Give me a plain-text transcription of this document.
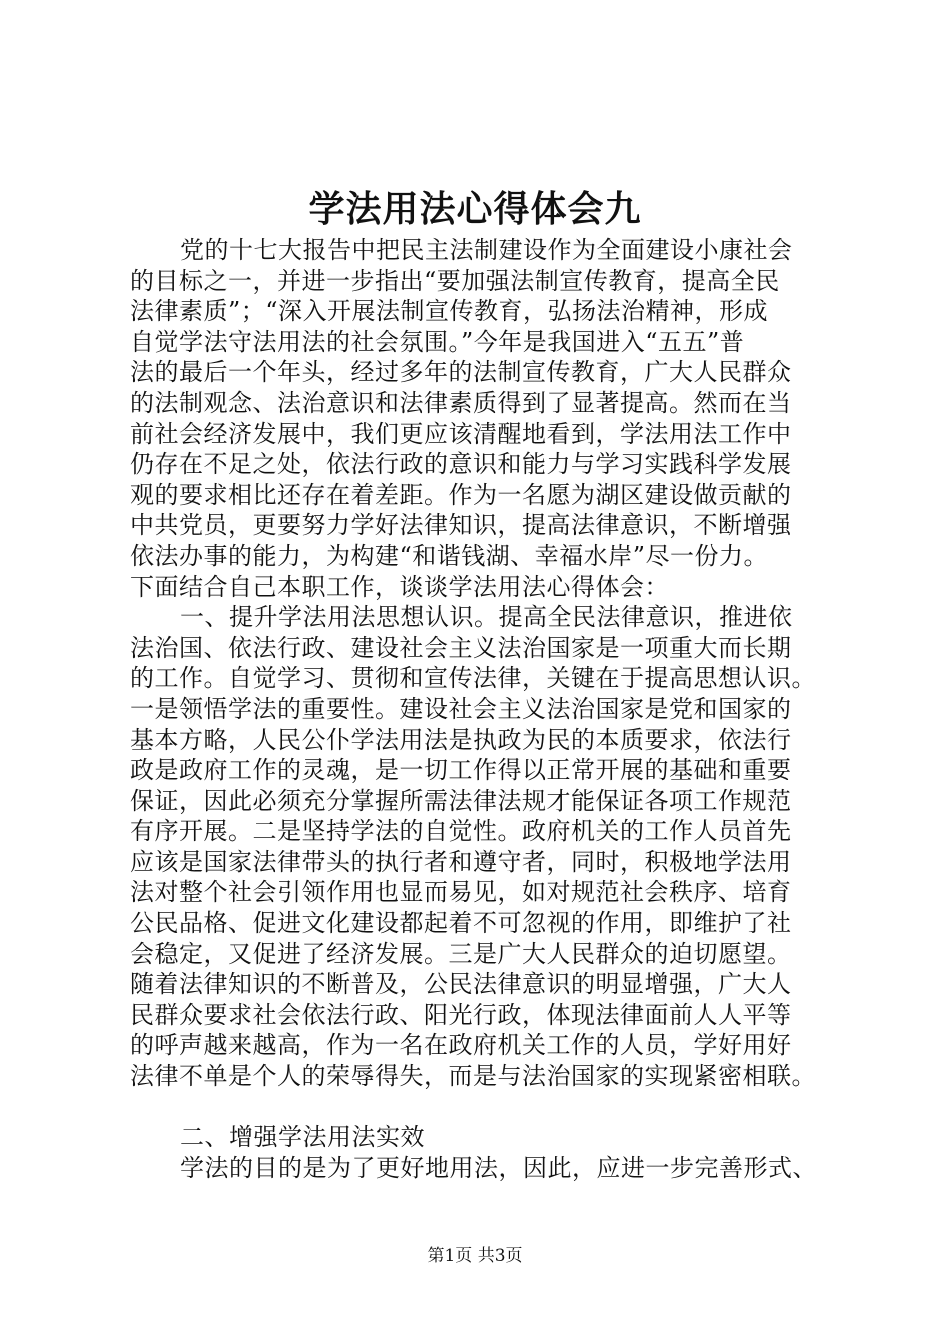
学法用法心得体会九
党的十七大报告中把民主法制建设作为全面建设小康社会
的目标之一，并进一步指出“要加强法制宣传教育，提高全民
法律素质”；“深入开展法制宣传教育，弘扬法治精神，形成
自觉学法守法用法的社会氛围。”今年是我国进入“五五”普
法的最后一个年头，经过多年的法制宣传教育，广大人民群众
的法制观念、法治意识和法律素质得到了显著提高。然而在当
前社会经济发展中，我们更应该清醒地看到，学法用法工作中
仍存在不足之处，依法行政的意识和能力与学习实践科学发展
观的要求相比还存在着差距。作为一名愿为湖区建设做贡献的
中共党员，更要努力学好法律知识，提高法律意识，不断增强
依法办事的能力，为构建“和谐钱湖、幸福水岸”尽一份力。
下面结合自己本职工作，谈谈学法用法心得体会：
一、提升学法用法思想认识。提高全民法律意识，推进依
法治国、依法行政、建设社会主义法治国家是一项重大而长期
的工作。自觉学习、贯彻和宣传法律，关键在于提高思想认识。
一是领悟学法的重要性。建设社会主义法治国家是党和国家的
基本方略，人民公仆学法用法是执政为民的本质要求，依法行
政是政府工作的灵魂，是一切工作得以正常开展的基础和重要
保证，因此必须充分掌握所需法律法规才能保证各项工作规范
有序开展。二是坚持学法的自觉性。政府机关的工作人员首先
应该是国家法律带头的执行者和遵守者，同时，积极地学法用
法对整个社会引领作用也显而易见，如对规范社会秩序、培育
公民品格、促进文化建设都起着不可忽视的作用，即维护了社
会稳定，又促进了经济发展。三是广大人民群众的迫切愿望。
随着法律知识的不断普及，公民法律意识的明显增强，广大人
民群众要求社会依法行政、阳光行政，体现法律面前人人平等
的呼声越来越高，作为一名在政府机关工作的人员，学好用好
法律不单是个人的荣辱得失，而是与法治国家的实现紧密相联。
二、增强学法用法实效
学法的目的是为了更好地用法，因此，应进一步完善形式、
第1页 共3页
